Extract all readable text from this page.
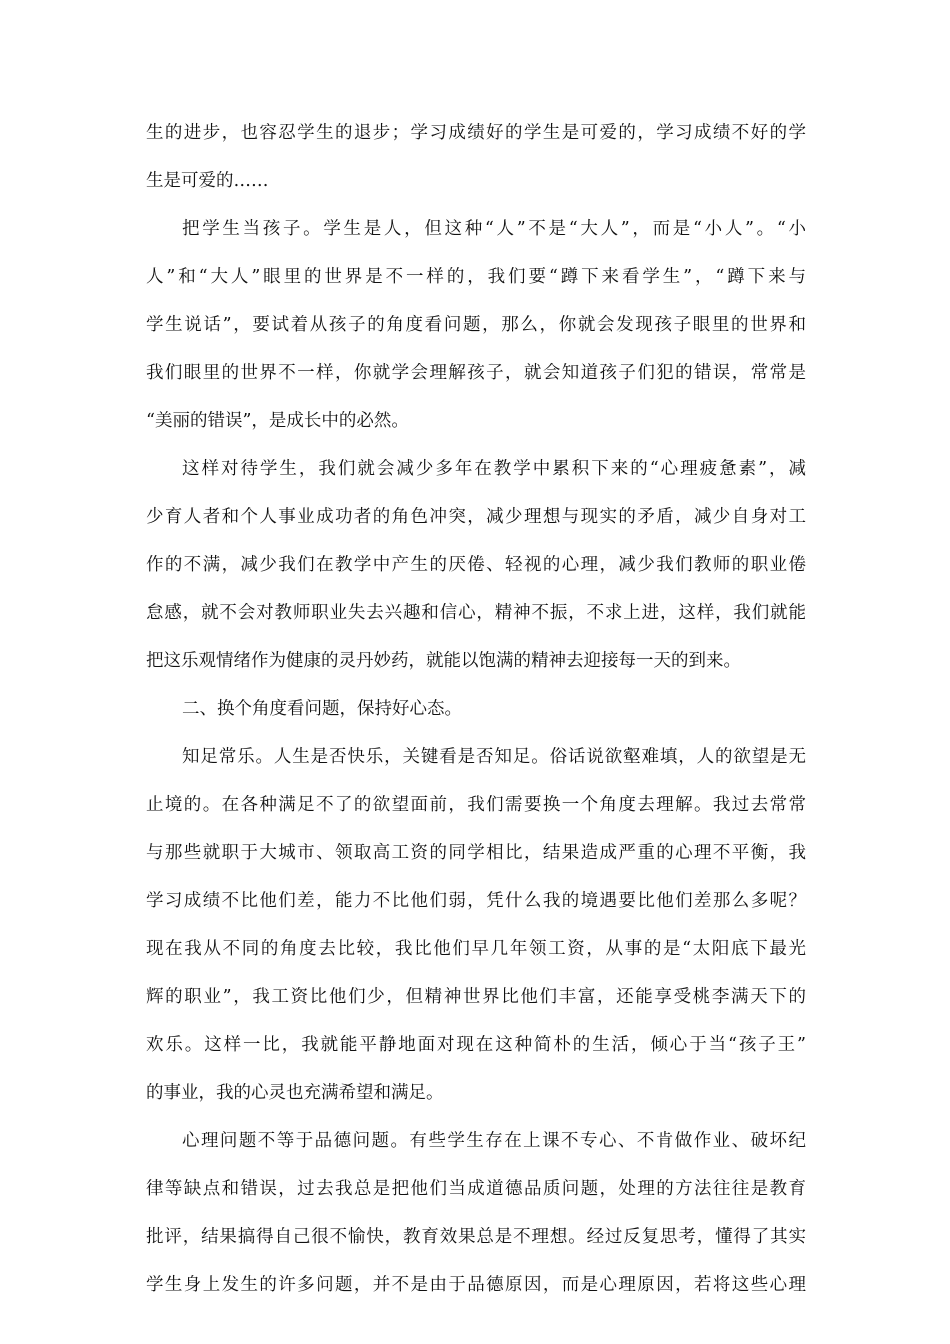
生的进步，也容忍学生的退步；学习成绩好的学生是可爱的，学习成绩不好的学
生是可爱的……
把学生当孩子。学生是人，但这种“人”不是“大人”，而是“小人”。“小
人”和“大人”眼里的世界是不一样的，我们要“蹲下来看学生”，“蹲下来与
学生说话”，要试着从孩子的角度看问题，那么，你就会发现孩子眼里的世界和
我们眼里的世界不一样，你就学会理解孩子，就会知道孩子们犯的错误，常常是
“美丽的错误”，是成长中的必然。
这样对待学生，我们就会减少多年在教学中累积下来的“心理疲惫素”，减
少育人者和个人事业成功者的角色冲突，减少理想与现实的矛盾，减少自身对工
作的不满，减少我们在教学中产生的厌倦、轻视的心理，减少我们教师的职业倦
怠感，就不会对教师职业失去兴趣和信心，精神不振，不求上进，这样，我们就能
把这乐观情绪作为健康的灵丹妙药，就能以饱满的精神去迎接每一天的到来。
二、换个角度看问题，保持好心态。
知足常乐。人生是否快乐，关键看是否知足。俗话说欲壑难填，人的欲望是无
止境的。在各种满足不了的欲望面前，我们需要换一个角度去理解。我过去常常
与那些就职于大城市、领取高工资的同学相比，结果造成严重的心理不平衡，我
学习成绩不比他们差，能力不比他们弱，凭什么我的境遇要比他们差那么多呢？
现在我从不同的角度去比较，我比他们早几年领工资，从事的是“太阳底下最光
辉的职业”，我工资比他们少，但精神世界比他们丰富，还能享受桃李满天下的
欢乐。这样一比，我就能平静地面对现在这种简朴的生活，倾心于当“孩子王”
的事业，我的心灵也充满希望和满足。
心理问题不等于品德问题。有些学生存在上课不专心、不肯做作业、破坏纪
律等缺点和错误，过去我总是把他们当成道德品质问题，处理的方法往往是教育
批评，结果搞得自己很不愉快，教育效果总是不理想。经过反复思考，懂得了其实
学生身上发生的许多问题，并不是由于品德原因，而是心理原因，若将这些心理
